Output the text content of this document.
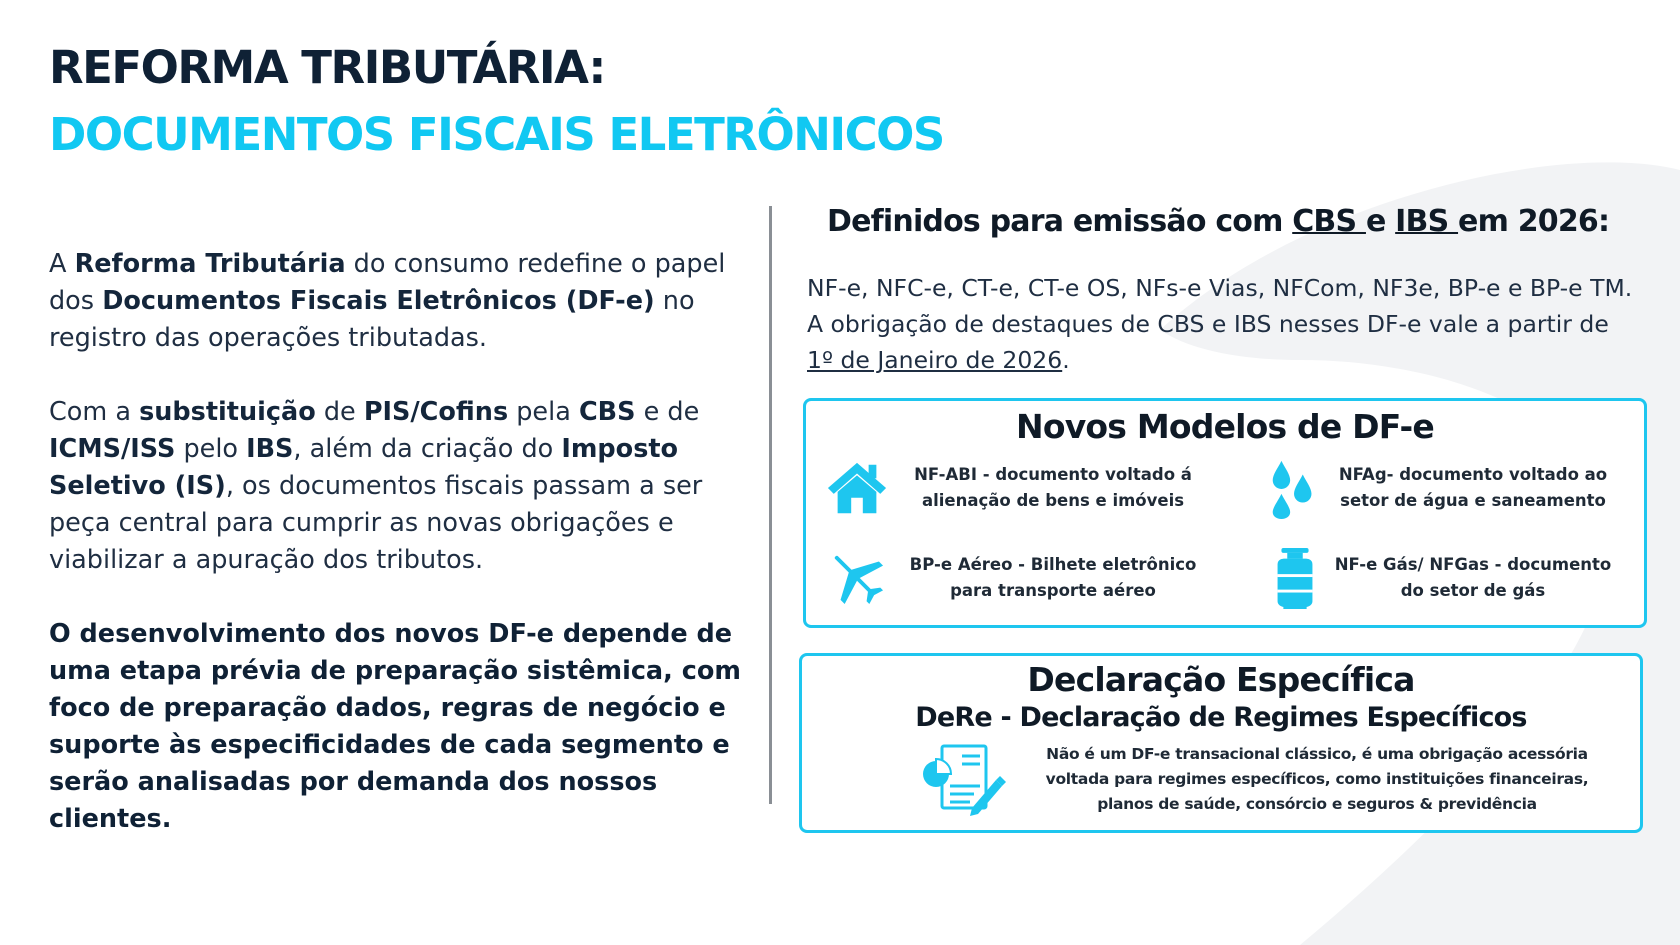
REFORMA TRIBUTÁRIA:
DOCUMENTOS FISCAIS ELETRÔNICOS

A Reforma Tributária do consumo redefine o papel dos Documentos Fiscais Eletrônicos (DF-e) no registro das operações tributadas.

Com a substituição de PIS/Cofins pela CBS e de ICMS/ISS pelo IBS, além da criação do Imposto Seletivo (IS), os documentos fiscais passam a ser peça central para cumprir as novas obrigações e viabilizar a apuração dos tributos.

O desenvolvimento dos novos DF-e depende de uma etapa prévia de preparação sistêmica, com foco de preparação dados, regras de negócio e suporte às especificidades de cada segmento e serão analisadas por demanda dos nossos clientes.

Definidos para emissão com CBS e IBS em 2026:
NF-e, NFC-e, CT-e, CT-e OS, NFs-e Vias, NFCom, NF3e, BP-e e BP-e TM.
A obrigação de destaques de CBS e IBS nesses DF-e vale a partir de
1º de Janeiro de 2026.
Novos Modelos de DF-e
NF-ABI - documento voltado á alienação de bens e imóveis
NFAg- documento voltado ao setor de água e saneamento
BP-e Aéreo - Bilhete eletrônico para transporte aéreo
NF-e Gás/ NFGas - documento do setor de gás
Declaração Específica
DeRe - Declaração de Regimes Específicos
Não é um DF-e transacional clássico, é uma obrigação acessória voltada para regimes específicos, como instituições financeiras, planos de saúde, consórcio e seguros & previdência
